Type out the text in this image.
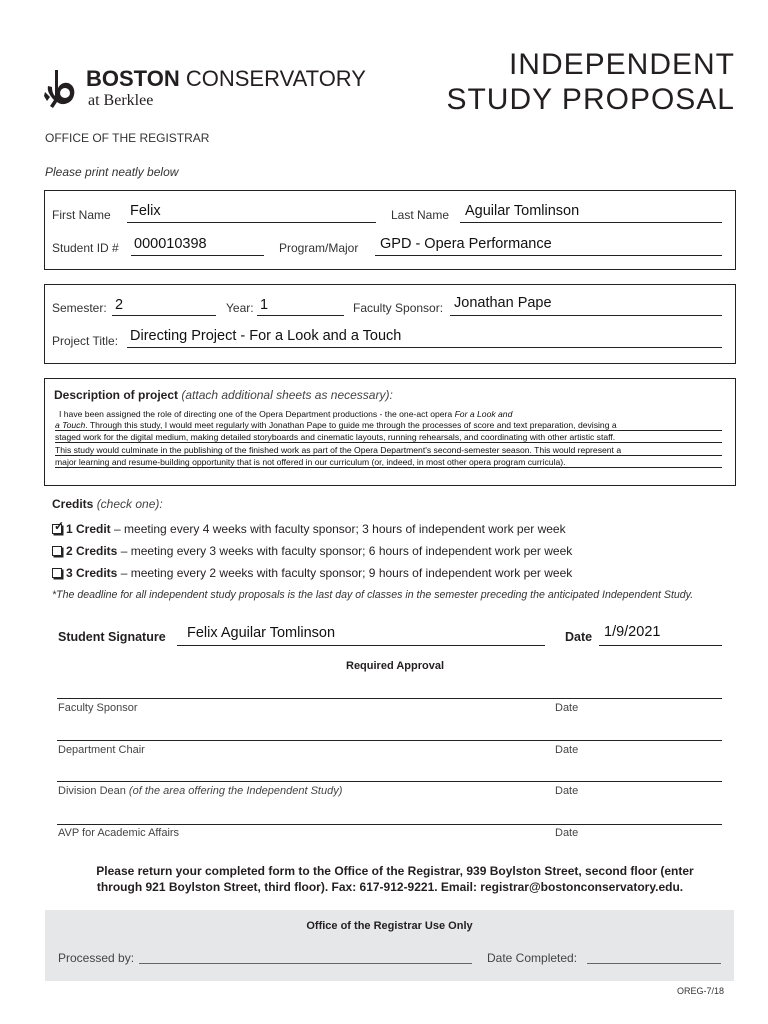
BOSTON CONSERVATORY
at Berklee
INDEPENDENT
STUDY PROPOSAL
OFFICE OF THE REGISTRAR
Please print neatly below
First Name Felix	Last Name Aguilar Tomlinson
Student ID # 000010398	Program/Major GPD - Opera Performance
Semester: 2	Year: 1	Faculty Sponsor: Jonathan Pape
Project Title: Directing Project - For a Look and a Touch
Description of project (attach additional sheets as necessary):
I have been assigned the role of directing one of the Opera Department productions - the one-act opera For a Look and
a Touch. Through this study, I would meet regularly with Jonathan Pape to guide me through the processes of score and text preparation, devising a
staged work for the digital medium, making detailed storyboards and cinematic layouts, running rehearsals, and coordinating with other artistic staff.
This study would culminate in the publishing of the finished work as part of the Opera Department's second-semester season. This would represent a
major learning and resume-building opportunity that is not offered in our curriculum (or, indeed, in most other opera program curricula).
Credits (check one):
✓ 1 Credit – meeting every 4 weeks with faculty sponsor; 3 hours of independent work per week
2 Credits – meeting every 3 weeks with faculty sponsor; 6 hours of independent work per week
3 Credits – meeting every 2 weeks with faculty sponsor; 9 hours of independent work per week
*The deadline for all independent study proposals is the last day of classes in the semester preceding the anticipated Independent Study.
Student Signature Felix Aguilar Tomlinson	Date 1/9/2021
Required Approval
Faculty Sponsor	Date
Department Chair	Date
Division Dean (of the area offering the Independent Study)	Date
AVP for Academic Affairs	Date
Please return your completed form to the Office of the Registrar, 939 Boylston Street, second floor (enter
through 921 Boylston Street, third floor). Fax: 617-912-9221. Email: registrar@bostonconservatory.edu.
Office of the Registrar Use Only
Processed by:	Date Completed:
OREG-7/18
